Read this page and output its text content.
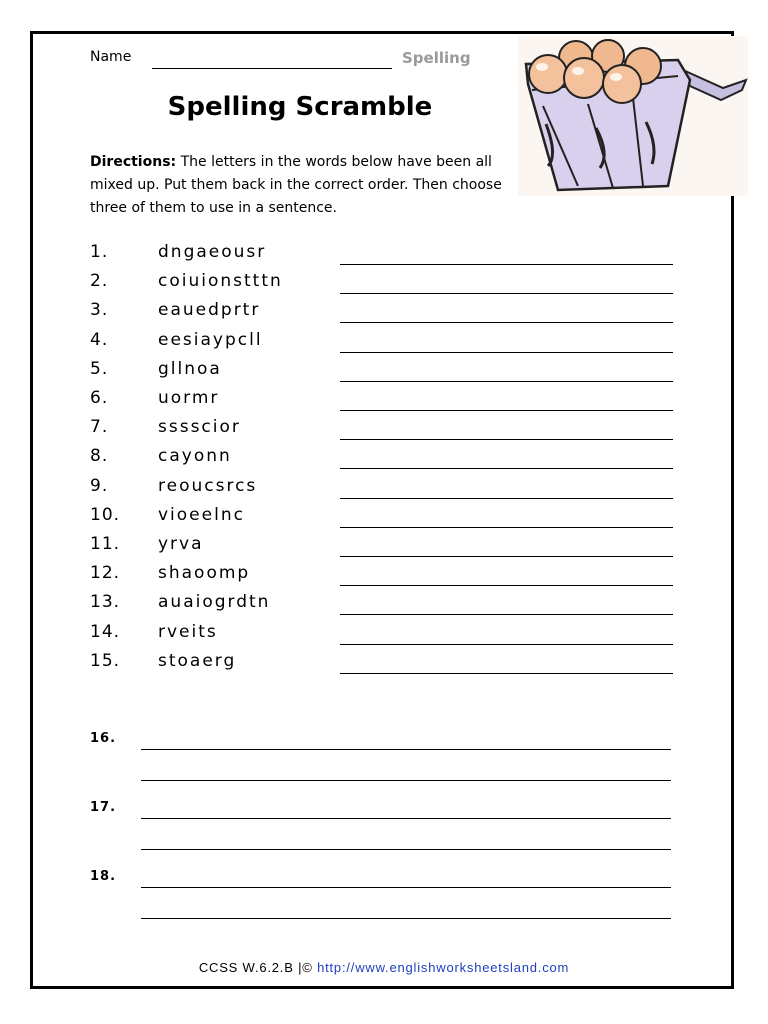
Name	Spelling
Spelling Scramble
Directions: The letters in the words below have been all mixed up. Put them back in the correct order. Then choose three of them to use in a sentence.
1.	dngaeousr
2.	coiuionstttn
3.	eauedprtr
4.	eesiaypcll
5.	gllnoa
6.	uormr
7.	sssscior
8.	cayonn
9.	reoucsrcs
10. vioeelnc
11. yrva
12. shaoomp
13. auaiogrdtn
14. rveits
15. stoaerg
16.
17.
18.
CCSS W.6.2.B |© http://www.englishworksheetsland.com
